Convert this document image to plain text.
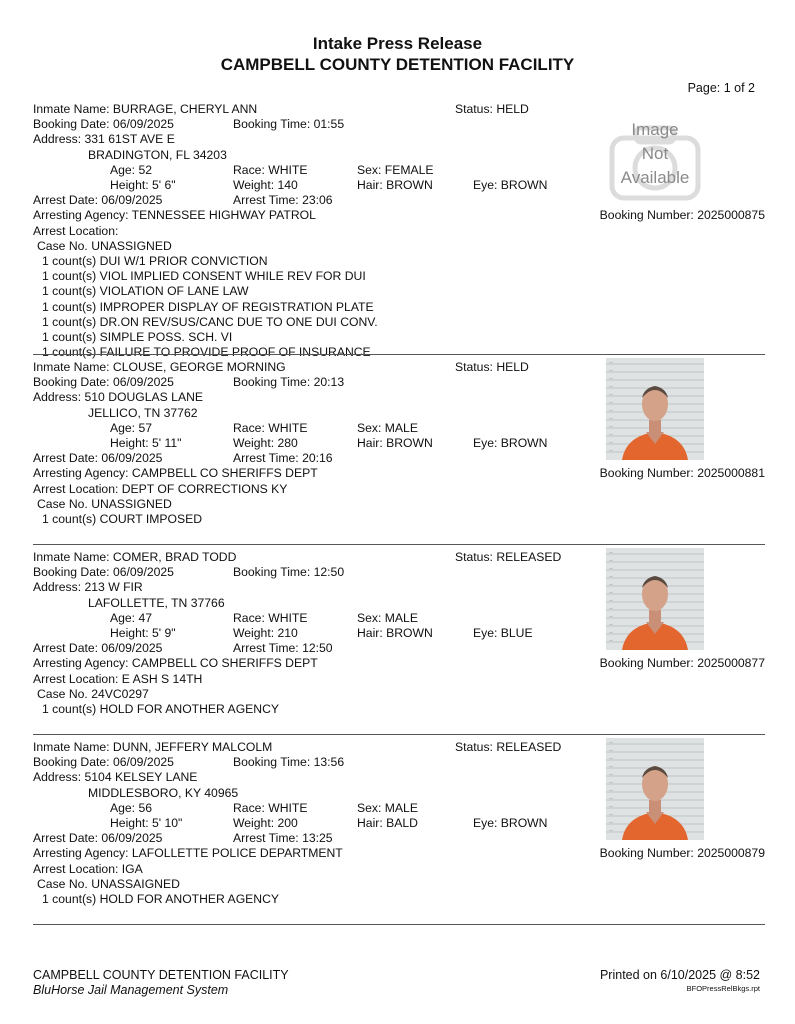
Intake Press Release
CAMPBELL COUNTY DETENTION FACILITY
Page: 1 of 2
Inmate Name: BURRAGE, CHERYL ANN	Status: HELD
Booking Date: 06/09/2025	Booking Time: 01:55
Address: 331 61ST AVE E
BRADINGTON, FL 34203
Age: 52	Race: WHITE	Sex: FEMALE
Height: 5' 6"	Weight: 140	Hair: BROWN	Eye: BROWN
Arrest Date: 06/09/2025	Arrest Time: 23:06
Arresting Agency: TENNESSEE HIGHWAY PATROL
Arrest Location:
Case No. UNASSIGNED
Booking Number: 2025000875
1 count(s) DUI W/1 PRIOR CONVICTION
1 count(s) VIOL IMPLIED CONSENT WHILE REV FOR DUI
1 count(s) VIOLATION OF LANE LAW
1 count(s) IMPROPER DISPLAY OF REGISTRATION PLATE
1 count(s) DR.ON REV/SUS/CANC DUE TO ONE DUI CONV.
1 count(s) SIMPLE POSS. SCH. VI
1 count(s) FAILURE TO PROVIDE PROOF OF INSURANCE
Inmate Name: CLOUSE, GEORGE MORNING	Status: HELD
Booking Date: 06/09/2025	Booking Time: 20:13
Address: 510 DOUGLAS LANE
JELLICO, TN 37762
Age: 57	Race: WHITE	Sex: MALE
Height: 5' 11"	Weight: 280	Hair: BROWN	Eye: BROWN
Arrest Date: 06/09/2025	Arrest Time: 20:16
Arresting Agency: CAMPBELL CO SHERIFFS DEPT
Arrest Location: DEPT OF CORRECTIONS KY
Case No. UNASSIGNED
Booking Number: 2025000881
1 count(s) COURT IMPOSED
Inmate Name: COMER, BRAD TODD	Status: RELEASED
Booking Date: 06/09/2025	Booking Time: 12:50
Address: 213 W FIR
LAFOLLETTE, TN 37766
Age: 47	Race: WHITE	Sex: MALE
Height: 5' 9"	Weight: 210	Hair: BROWN	Eye: BLUE
Arrest Date: 06/09/2025	Arrest Time: 12:50
Arresting Agency: CAMPBELL CO SHERIFFS DEPT
Arrest Location: E ASH S 14TH
Case No. 24VC0297
Booking Number: 2025000877
1 count(s) HOLD FOR ANOTHER AGENCY
Inmate Name: DUNN, JEFFERY MALCOLM	Status: RELEASED
Booking Date: 06/09/2025	Booking Time: 13:56
Address: 5104 KELSEY LANE
MIDDLESBORO, KY 40965
Age: 56	Race: WHITE	Sex: MALE
Height: 5' 10"	Weight: 200	Hair: BALD	Eye: BROWN
Arrest Date: 06/09/2025	Arrest Time: 13:25
Arresting Agency: LAFOLLETTE POLICE DEPARTMENT
Arrest Location: IGA
Case No. UNASSAIGNED
Booking Number: 2025000879
1 count(s) HOLD FOR ANOTHER AGENCY
CAMPBELL COUNTY DETENTION FACILITY
BluHorse Jail Management System
Printed on 6/10/2025 @ 8:52
BFOPressRelBkgs.rpt
Image
Not
Available
—
—
—
—
—
—
—
—
—
—
—
—
—
—
—
—
—
—
—
—
—
—
—
—
—
—
—
—
—
—
—
—
—
—
—
—
